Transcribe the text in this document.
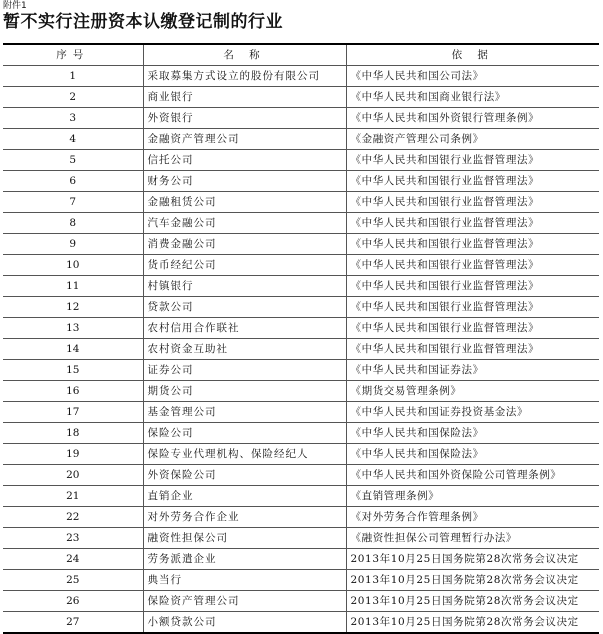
附件1
暂不实行注册资本认缴登记制的行业
序号	名 称	依 据
1	采取募集方式设立的股份有限公司	《中华人民共和国公司法》
2	商业银行	《中华人民共和国商业银行法》
3	外资银行	《中华人民共和国外资银行管理条例》
4	金融资产管理公司	《金融资产管理公司条例》
5	信托公司	《中华人民共和国银行业监督管理法》
6	财务公司	《中华人民共和国银行业监督管理法》
7	金融租赁公司	《中华人民共和国银行业监督管理法》
8	汽车金融公司	《中华人民共和国银行业监督管理法》
9	消费金融公司	《中华人民共和国银行业监督管理法》
10	货币经纪公司	《中华人民共和国银行业监督管理法》
11	村镇银行	《中华人民共和国银行业监督管理法》
12	贷款公司	《中华人民共和国银行业监督管理法》
13	农村信用合作联社	《中华人民共和国银行业监督管理法》
14	农村资金互助社	《中华人民共和国银行业监督管理法》
15	证券公司	《中华人民共和国证券法》
16	期货公司	《期货交易管理条例》
17	基金管理公司	《中华人民共和国证券投资基金法》
18	保险公司	《中华人民共和国保险法》
19	保险专业代理机构、保险经纪人	《中华人民共和国保险法》
20	外资保险公司	《中华人民共和国外资保险公司管理条例》
21	直销企业	《直销管理条例》
22	对外劳务合作企业	《对外劳务合作管理条例》
23	融资性担保公司	《融资性担保公司管理暂行办法》
24	劳务派遣企业	2013年10月25日国务院第28次常务会议决定
25	典当行	2013年10月25日国务院第28次常务会议决定
26	保险资产管理公司	2013年10月25日国务院第28次常务会议决定
27	小额贷款公司	2013年10月25日国务院第28次常务会议决定
